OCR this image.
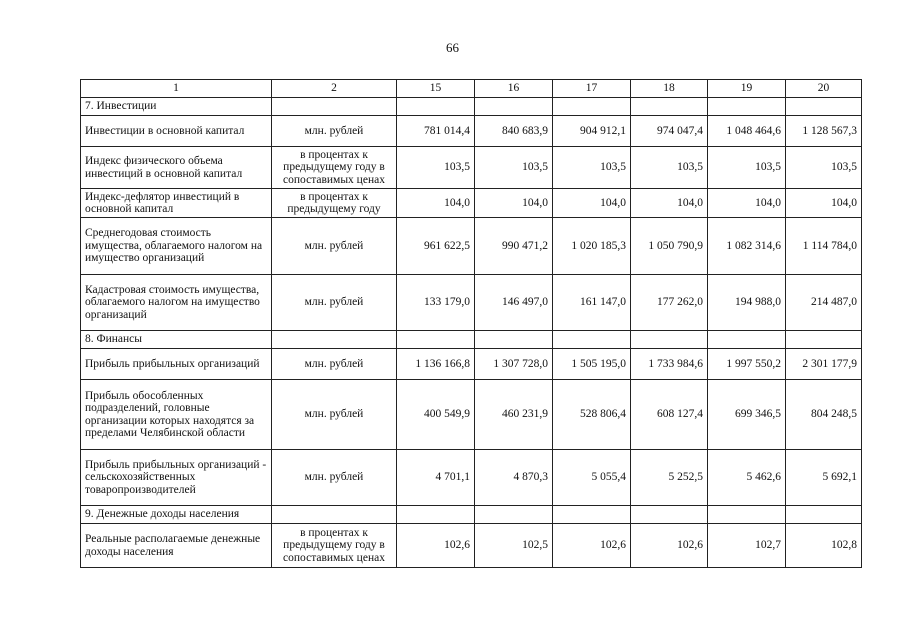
66
1	2	15	16	17	18	19	20
7. Инвестиции							
Инвестиции в основной капитал	млн. рублей	781 014,4	840 683,9	904 912,1	974 047,4	1 048 464,6	1 128 567,3
Индекс физического объема инвестиций в основной капитал	в процентах к предыдущему году в сопоставимых ценах	103,5	103,5	103,5	103,5	103,5	103,5
Индекс-дефлятор инвестиций в основной капитал	в процентах к предыдущему году	104,0	104,0	104,0	104,0	104,0	104,0
Среднегодовая стоимость имущества, облагаемого налогом на имущество организаций	млн. рублей	961 622,5	990 471,2	1 020 185,3	1 050 790,9	1 082 314,6	1 114 784,0
Кадастровая стоимость имущества, облагаемого налогом на имущество организаций	млн. рублей	133 179,0	146 497,0	161 147,0	177 262,0	194 988,0	214 487,0
8. Финансы							
Прибыль прибыльных организаций	млн. рублей	1 136 166,8	1 307 728,0	1 505 195,0	1 733 984,6	1 997 550,2	2 301 177,9
Прибыль обособленных подразделений, головные организации которых находятся за пределами Челябинской области	млн. рублей	400 549,9	460 231,9	528 806,4	608 127,4	699 346,5	804 248,5
Прибыль прибыльных организаций - сельскохозяйственных товаропроизводителей	млн. рублей	4 701,1	4 870,3	5 055,4	5 252,5	5 462,6	5 692,1
9. Денежные доходы населения							
Реальные располагаемые денежные доходы населения	в процентах к предыдущему году в сопоставимых ценах	102,6	102,5	102,6	102,6	102,7	102,8
